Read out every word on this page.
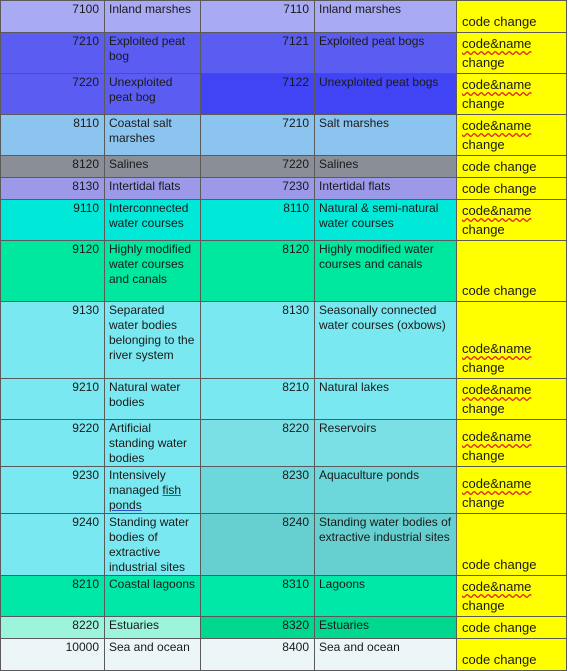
7100	Inland marshes	7110	Inland marshes	code change
7210	Exploited peat bog	7121	Exploited peat bogs	code&name
change

7220	Unexploited peat bog	7122	Unexploited peat bogs	code&name
change

8110	Coastal salt marshes	7210	Salt marshes	code&name
change

8120	Salines	7220	Salines	code change
8130	Intertidal flats	7230	Intertidal flats	code change
9110	Interconnected water courses	8110	Natural & semi-natural water courses	code&name
change

9120	Highly modified water courses and canals	8120	Highly modified water courses and canals	code change
9130	Separated water bodies belonging to the river system	8130	Seasonally connected water courses (oxbows)	code&name
change

9210	Natural water bodies	8210	Natural lakes	code&name
change

9220	Artificial standing water bodies	8220	Reservoirs	code&name
change

9230	Intensively managed fish ponds	8230	Aquaculture ponds	code&name
change

9240	Standing water bodies of extractive industrial sites	8240	Standing water bodies of extractive industrial sites	code change
8210	Coastal lagoons	8310	Lagoons	code&name
change

8220	Estuaries	8320	Estuaries	code change
10000	Sea and ocean	8400	Sea and ocean	code change
